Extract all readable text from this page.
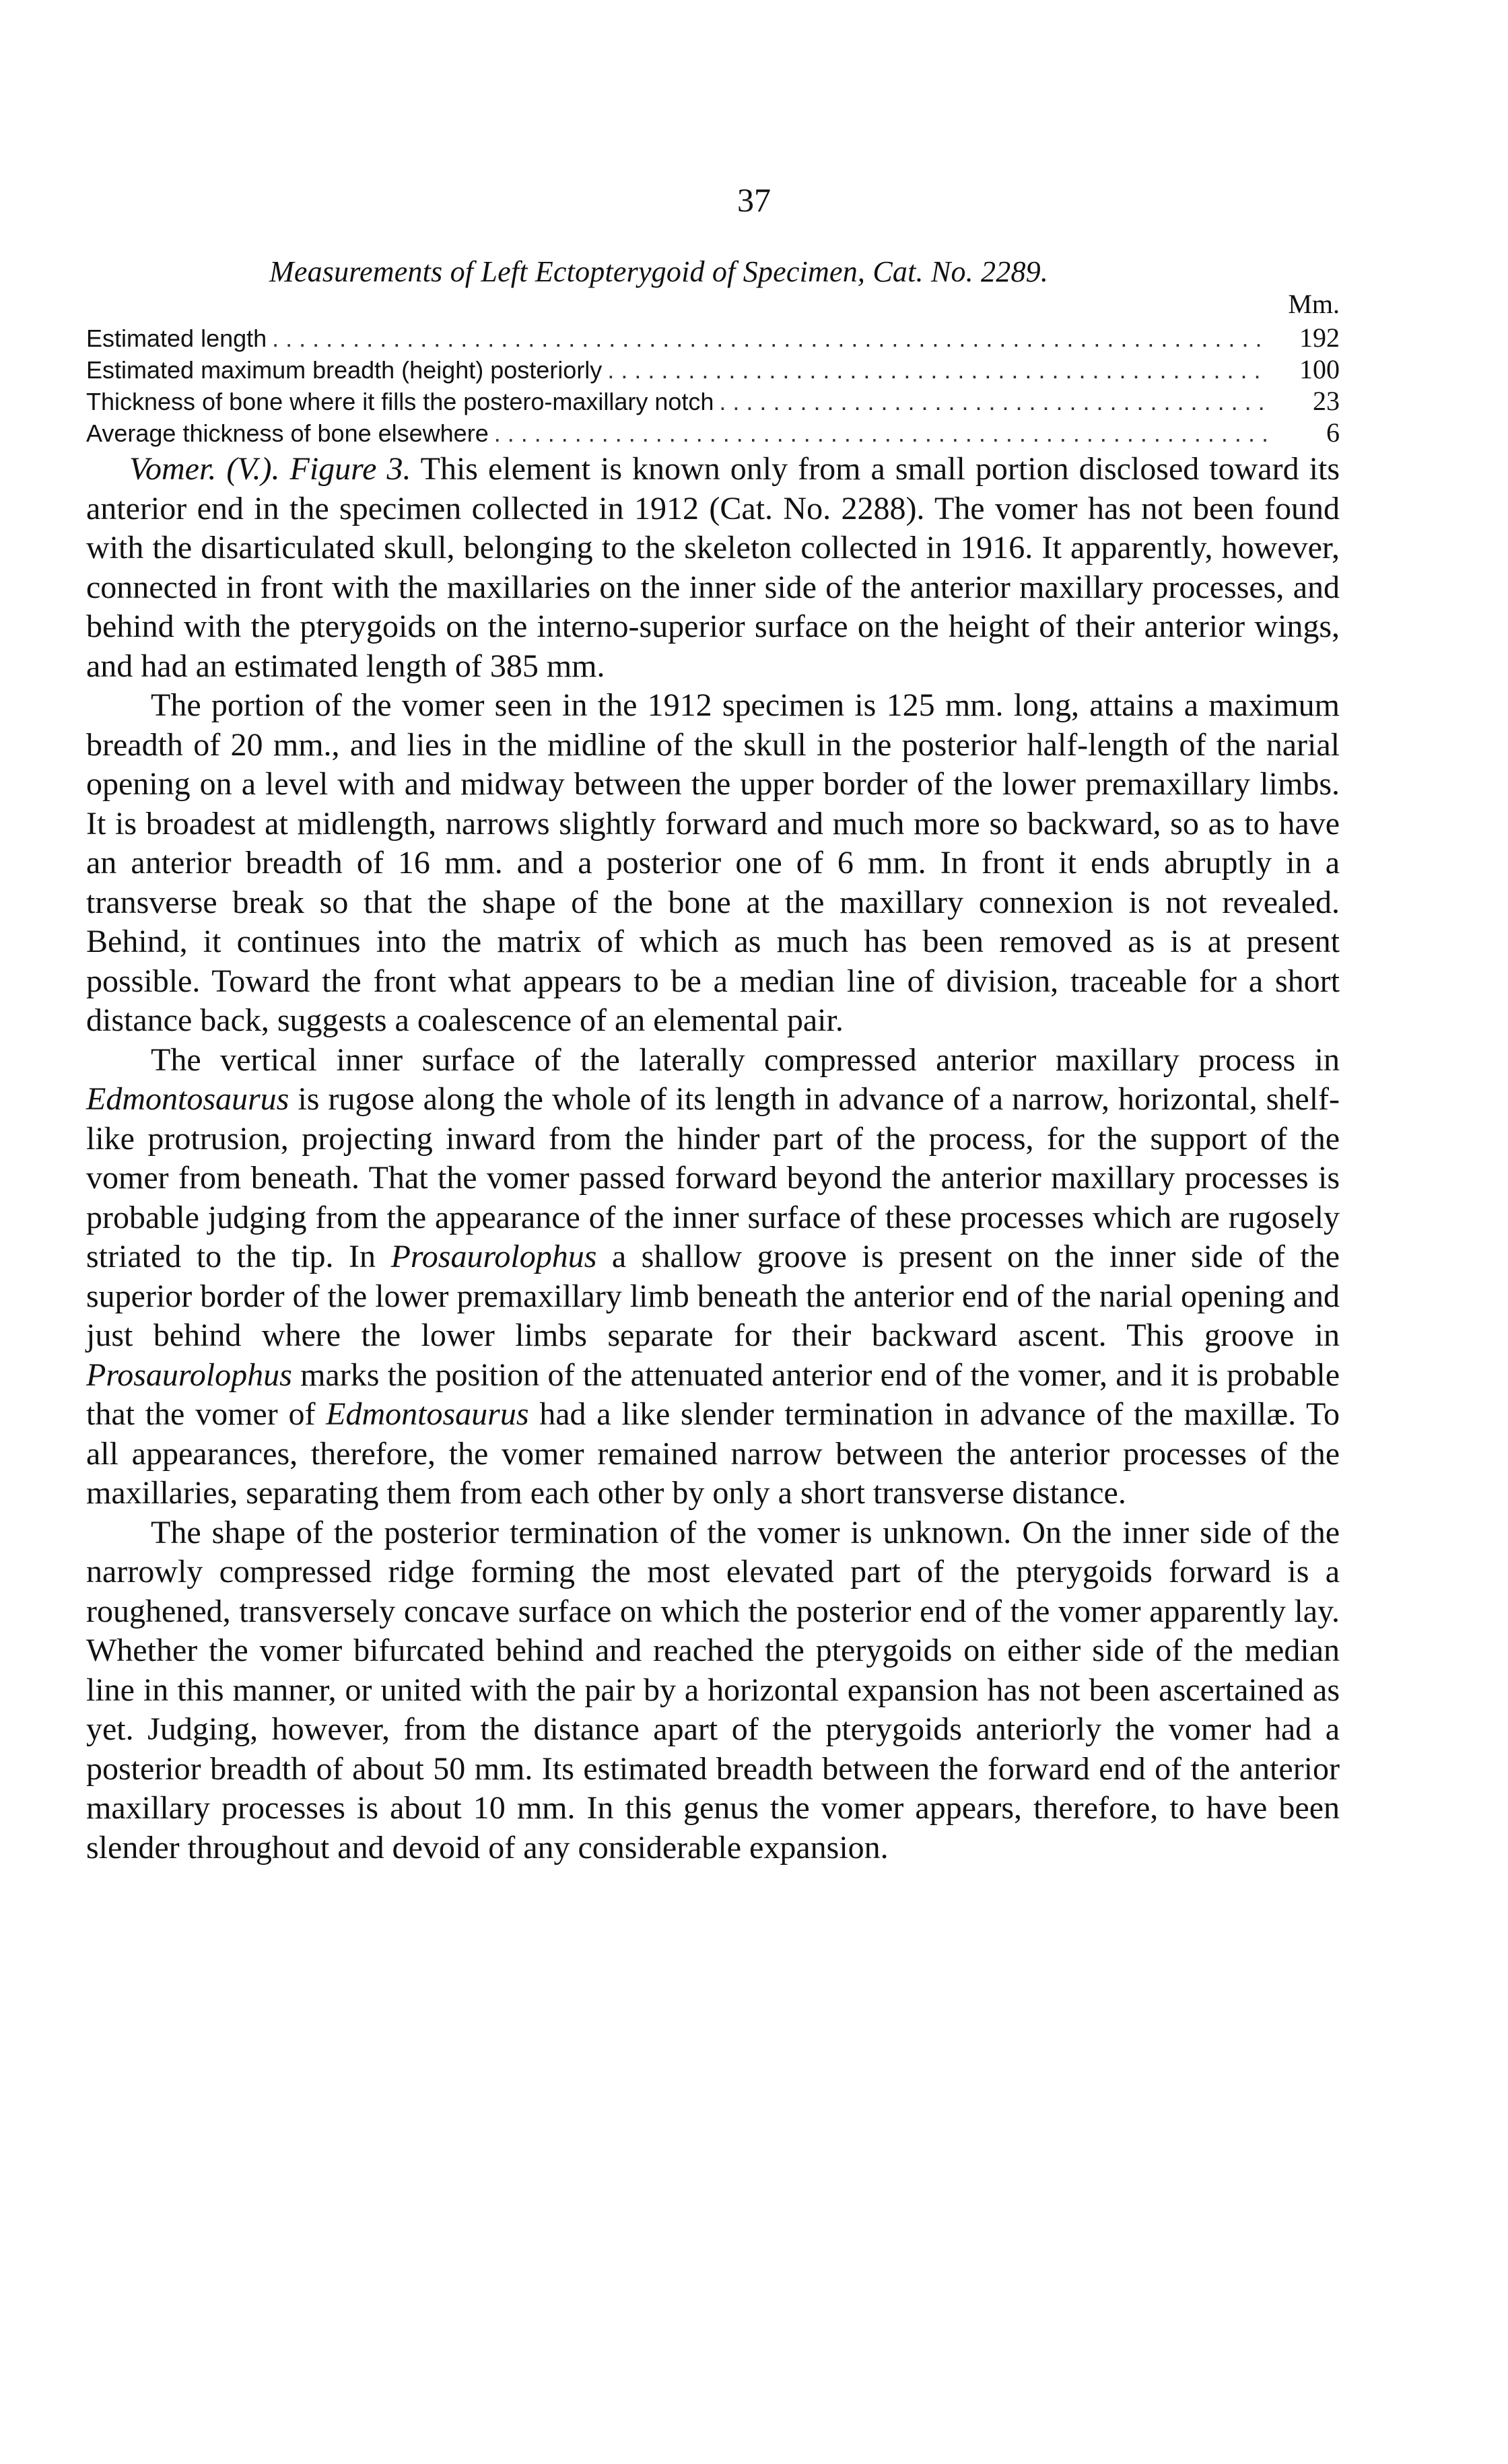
37
Measurements of Left Ectopterygoid of Specimen, Cat. No. 2289.
Mm.
Estimated length . . .	192
Estimated maximum breadth (height) posteriorly . . .	100
Thickness of bone where it fills the postero-maxillary notch . . .	23
Average thickness of bone elsewhere . . .	6

Vomer. (V.). Figure 3. This element is known only from a small portion disclosed toward its anterior end in the specimen collected in 1912 (Cat. No. 2288). The vomer has not been found with the disarticulated skull, belonging to the skeleton collected in 1916. It apparently, however, connected in front with the maxillaries on the inner side of the anterior maxillary processes, and behind with the pterygoids on the interno-superior surface on the height of their anterior wings, and had an estimated length of 385 mm.

The portion of the vomer seen in the 1912 specimen is 125 mm. long, attains a maximum breadth of 20 mm., and lies in the midline of the skull in the posterior half-length of the narial opening on a level with and midway between the upper border of the lower premaxillary limbs. It is broadest at midlength, narrows slightly forward and much more so backward, so as to have an anterior breadth of 16 mm. and a posterior one of 6 mm. In front it ends abruptly in a transverse break so that the shape of the bone at the maxillary connexion is not revealed. Behind, it continues into the matrix of which as much has been removed as is at present possible. Toward the front what appears to be a median line of division, traceable for a short distance back, suggests a coalescence of an elemental pair.

The vertical inner surface of the laterally compressed anterior maxillary process in Edmontosaurus is rugose along the whole of its length in advance of a narrow, horizontal, shelf-like protrusion, projecting inward from the hinder part of the process, for the support of the vomer from beneath. That the vomer passed forward beyond the anterior maxillary processes is probable judging from the appearance of the inner surface of these processes which are rugosely striated to the tip. In Prosaurolophus a shallow groove is present on the inner side of the superior border of the lower premaxillary limb beneath the anterior end of the narial opening and just behind where the lower limbs separate for their backward ascent. This groove in Prosaurolophus marks the position of the attenuated anterior end of the vomer, and it is probable that the vomer of Edmontosaurus had a like slender termination in advance of the maxillæ. To all appearances, therefore, the vomer remained narrow between the anterior processes of the maxillaries, separating them from each other by only a short transverse distance.

The shape of the posterior termination of the vomer is unknown. On the inner side of the narrowly compressed ridge forming the most elevated part of the pterygoids forward is a roughened, transversely concave surface on which the posterior end of the vomer apparently lay. Whether the vomer bifurcated behind and reached the pterygoids on either side of the median line in this manner, or united with the pair by a horizontal expansion has not been ascertained as yet. Judging, however, from the distance apart of the pterygoids anteriorly the vomer had a posterior breadth of about 50 mm. Its estimated breadth between the forward end of the anterior maxillary processes is about 10 mm. In this genus the vomer appears, therefore, to have been slender throughout and devoid of any considerable expansion.
